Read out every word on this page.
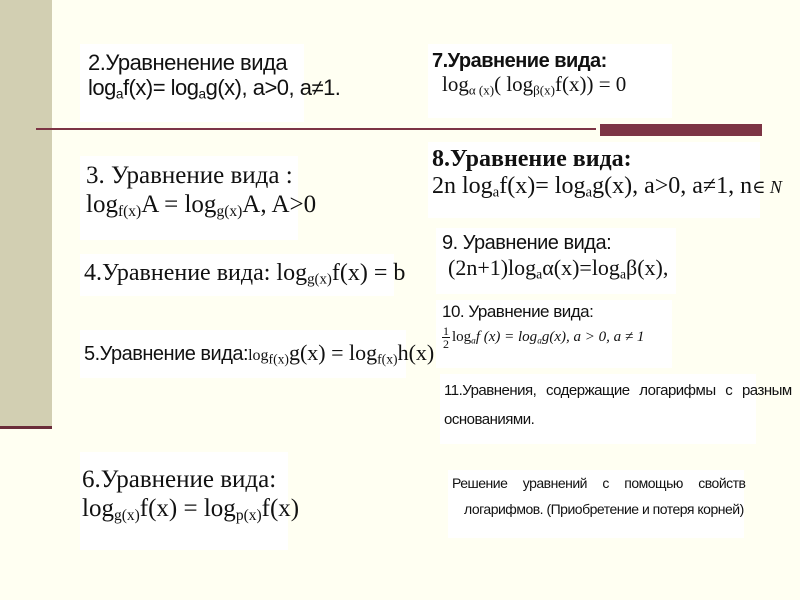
2.Уравненение вида
$\log_af(x)= \log_ag(x)$, a>0, a≠1.
3. Уравнение вида :
$\log_{f(x)}A = \log_{g(x)}A$, A>0
4.Уравнение вида: $\log_{g(x)}f(x) = b$
5.Уравнение $вида:\log_{f(x)}g(x) = \log_{f(x)}h(x)$
6.Уравнение вида:
$\log_{g(x)}f(x) = \log_{p(x)}f(x)$
7.Уравнение вида:
$\log_{\alpha (x)}$( $\log_{\beta(x)}f(x)) = 0$
8.Уравнение вида:
2n $\log_af(x)= \log_ag(x)$, a>0, a≠1, n∈ N
9. Уравнение вида:
$(2n+1)\log_a\alpha(x)=\log_a\beta(x)$,
10. Уравнение вида:
$\frac{1}{2} \log_af$ $(x) = \log_ag(x)$, a > 0, a ≠ 1
11.Уравнения, содержащие логарифмы с разным
основаниями.
Решение уравнений с помощью свойств
логарифмов. (Приобретение и потеря корней)
